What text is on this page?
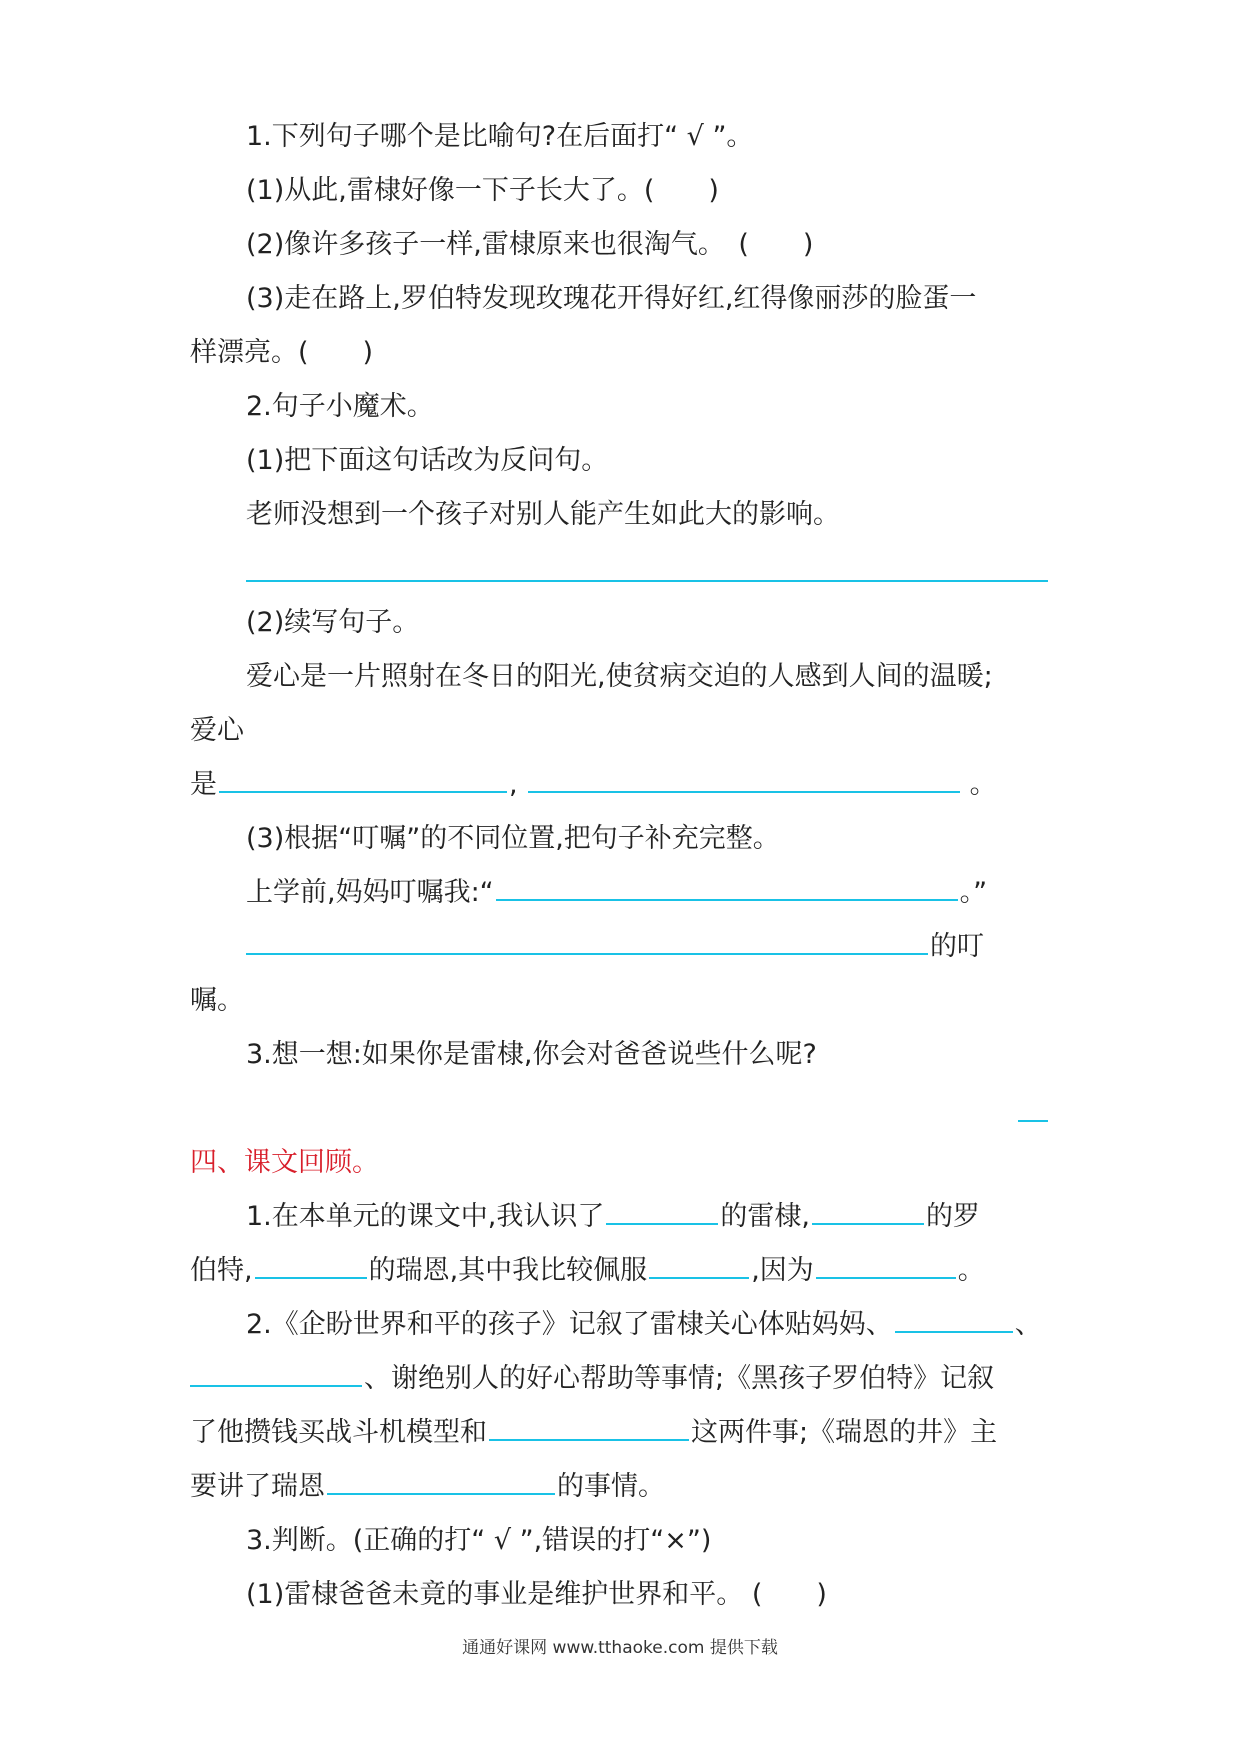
1.下列句子哪个是比喻句?在后面打“ √ ”。
(1)从此,雷棣好像一下子长大了。(　　)
(2)像许多孩子一样,雷棣原来也很淘气。　(　　)
(3)走在路上,罗伯特发现玫瑰花开得好红,红得像丽莎的脸蛋一
样漂亮。(　　)
2.句子小魔术。
(1)把下面这句话改为反问句。
老师没想到一个孩子对别人能产生如此大的影响。
(2)续写句子。
爱心是一片照射在冬日的阳光,使贫病交迫的人感到人间的温暖;
爱心
是	,	。
(3)根据“叮嘱”的不同位置,把句子补充完整。
上学前,妈妈叮嘱我:“	。”
的叮
嘱。
3.想一想:如果你是雷棣,你会对爸爸说些什么呢?
四、课文回顾。
1.在本单元的课文中,我认识了	的雷棣,	的罗
伯特,	的瑞恩,其中我比较佩服	,因为	。
2.《企盼世界和平的孩子》记叙了雷棣关心体贴妈妈、	、
、谢绝别人的好心帮助等事情;《黑孩子罗伯特》记叙
了他攒钱买战斗机模型和	这两件事;《瑞恩的井》主
要讲了瑞恩	的事情。
3.判断。(正确的打“ √ ”,错误的打“×”)
(1)雷棣爸爸未竟的事业是维护世界和平。 (　　)
通通好课网 www.tthaoke.com 提供下载
